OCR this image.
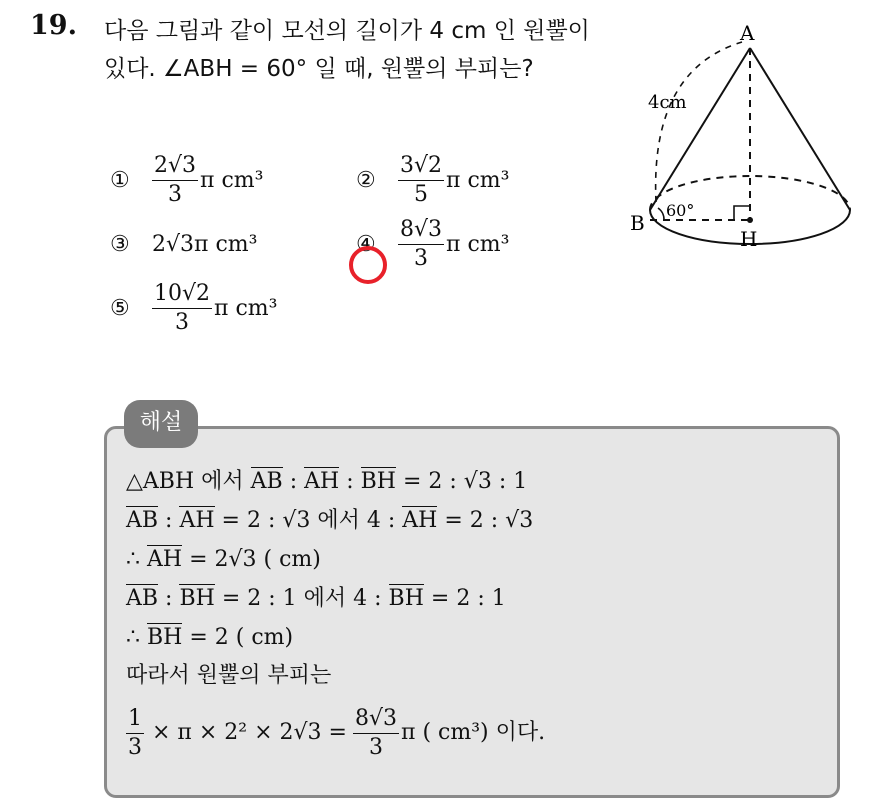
19. 다음 그림과 같이 모선의 길이가 4 cm 인 원뿔이 있다. ∠ABH = 60° 일 때, 원뿔의 부피는?
①	$\frac{2√3}{3}$ π cm³	②	$\frac{3√2}{5}$ π cm³
③	2√3π cm³	④	$\frac{8√3}{3}$ π cm³
⑤	$\frac{10√2}{3}$ π cm³
A
B
H
4cm
60°
해설
△ABH 에서 AB : AH : BH = 2 : √3 : 1
AB : AH = 2 : √3 에서 4 : AH = 2 : √3
∴ AH = 2√3 ( cm)
AB : BH = 2 : 1 에서 4 : BH = 2 : 1
∴ BH = 2 ( cm)
따라서 원뿔의 부피는
$\frac{1}{3} \times \pi \times 2^2 \times 2√3 = \frac{8√3}{3}$ π ( cm³) 이다.
